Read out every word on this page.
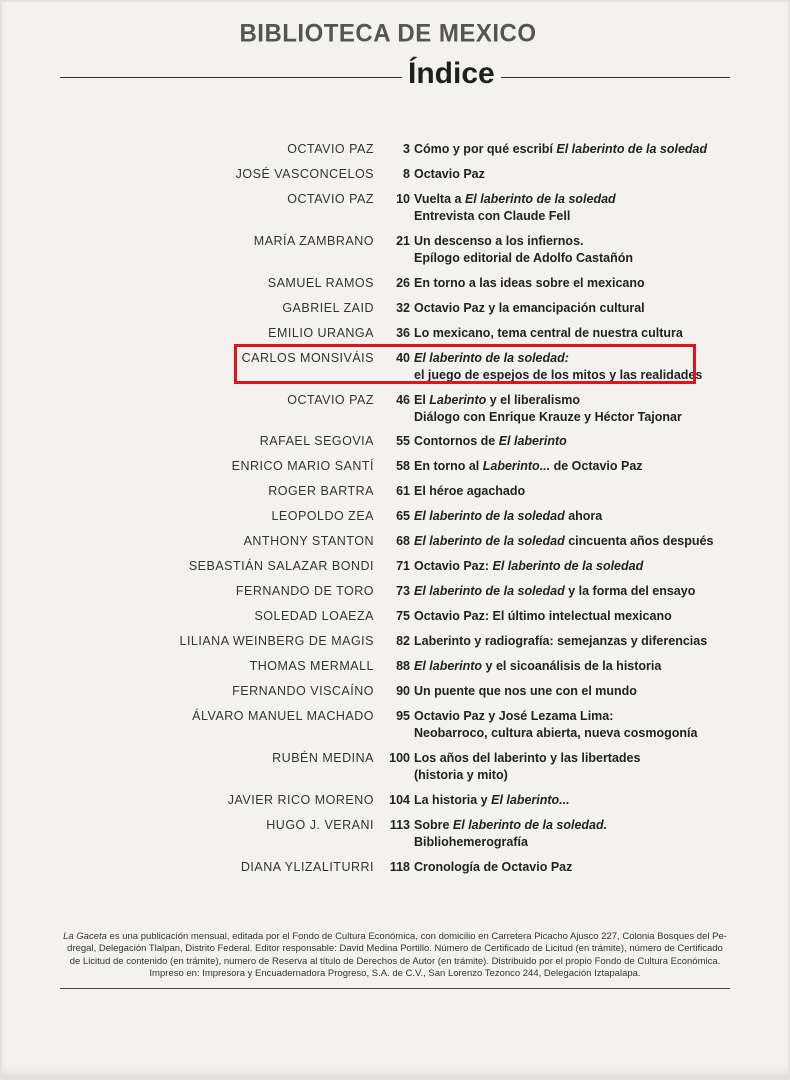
BIBLIOTECA DE MEXICO
Índice
OCTAVIO PAZ	3 Cómo y por qué escribí El laberinto de la soledad
JOSÉ VASCONCELOS	8 Octavio Paz
OCTAVIO PAZ	10 Vuelta a El laberinto de la soledad
Entrevista con Claude Fell
MARÍA ZAMBRANO	21 Un descenso a los infiernos.
Epílogo editorial de Adolfo Castañón
SAMUEL RAMOS	26 En torno a las ideas sobre el mexicano
GABRIEL ZAID	32 Octavio Paz y la emancipación cultural
EMILIO URANGA	36 Lo mexicano, tema central de nuestra cultura
CARLOS MONSIVÁIS	40 El laberinto de la soledad:
el juego de espejos de los mitos y las realidades
OCTAVIO PAZ	46 El Laberinto y el liberalismo
Diálogo con Enrique Krauze y Héctor Tajonar
RAFAEL SEGOVIA	55 Contornos de El laberinto
ENRICO MARIO SANTÍ	58 En torno al Laberinto... de Octavio Paz
ROGER BARTRA	61 El héroe agachado
LEOPOLDO ZEA	65 El laberinto de la soledad ahora
ANTHONY STANTON	68 El laberinto de la soledad cincuenta años después
SEBASTIÁN SALAZAR BONDI	71 Octavio Paz: El laberinto de la soledad
FERNANDO DE TORO	73 El laberinto de la soledad y la forma del ensayo
SOLEDAD LOAEZA	75 Octavio Paz: El último intelectual mexicano
LILIANA WEINBERG DE MAGIS	82 Laberinto y radiografía: semejanzas y diferencias
THOMAS MERMALL	88 El laberinto y el sicoanálisis de la historia
FERNANDO VISCAÍNO	90 Un puente que nos une con el mundo
ÁLVARO MANUEL MACHADO	95 Octavio Paz y José Lezama Lima:
Neobarroco, cultura abierta, nueva cosmogonía
RUBÉN MEDINA	100 Los años del laberinto y las libertades
(historia y mito)
JAVIER RICO MORENO	104 La historia y El laberinto...
HUGO J. VERANI	113 Sobre El laberinto de la soledad.
Bibliohemerografía
DIANA YLIZALITURRI	118 Cronología de Octavio Paz
La Gaceta es una publicación mensual, editada por el Fondo de Cultura Económica, con domicilio en Carretera Picacho Ajusco 227, Colonia Bosques del Pe-
dregal, Delegación Tlalpan, Distrito Federal. Editor responsable: David Medina Portillo. Número de Certificado de Licitud (en trámite), número de Certificado
de Licitud de contenido (en trámite), numero de Reserva al título de Derechos de Autor (en trámite). Distribuido por el propio Fondo de Cultura Económica.
Impreso en: Impresora y Encuadernadora Progreso, S.A. de C.V., San Lorenzo Tezonco 244, Delegación Iztapalapa.
